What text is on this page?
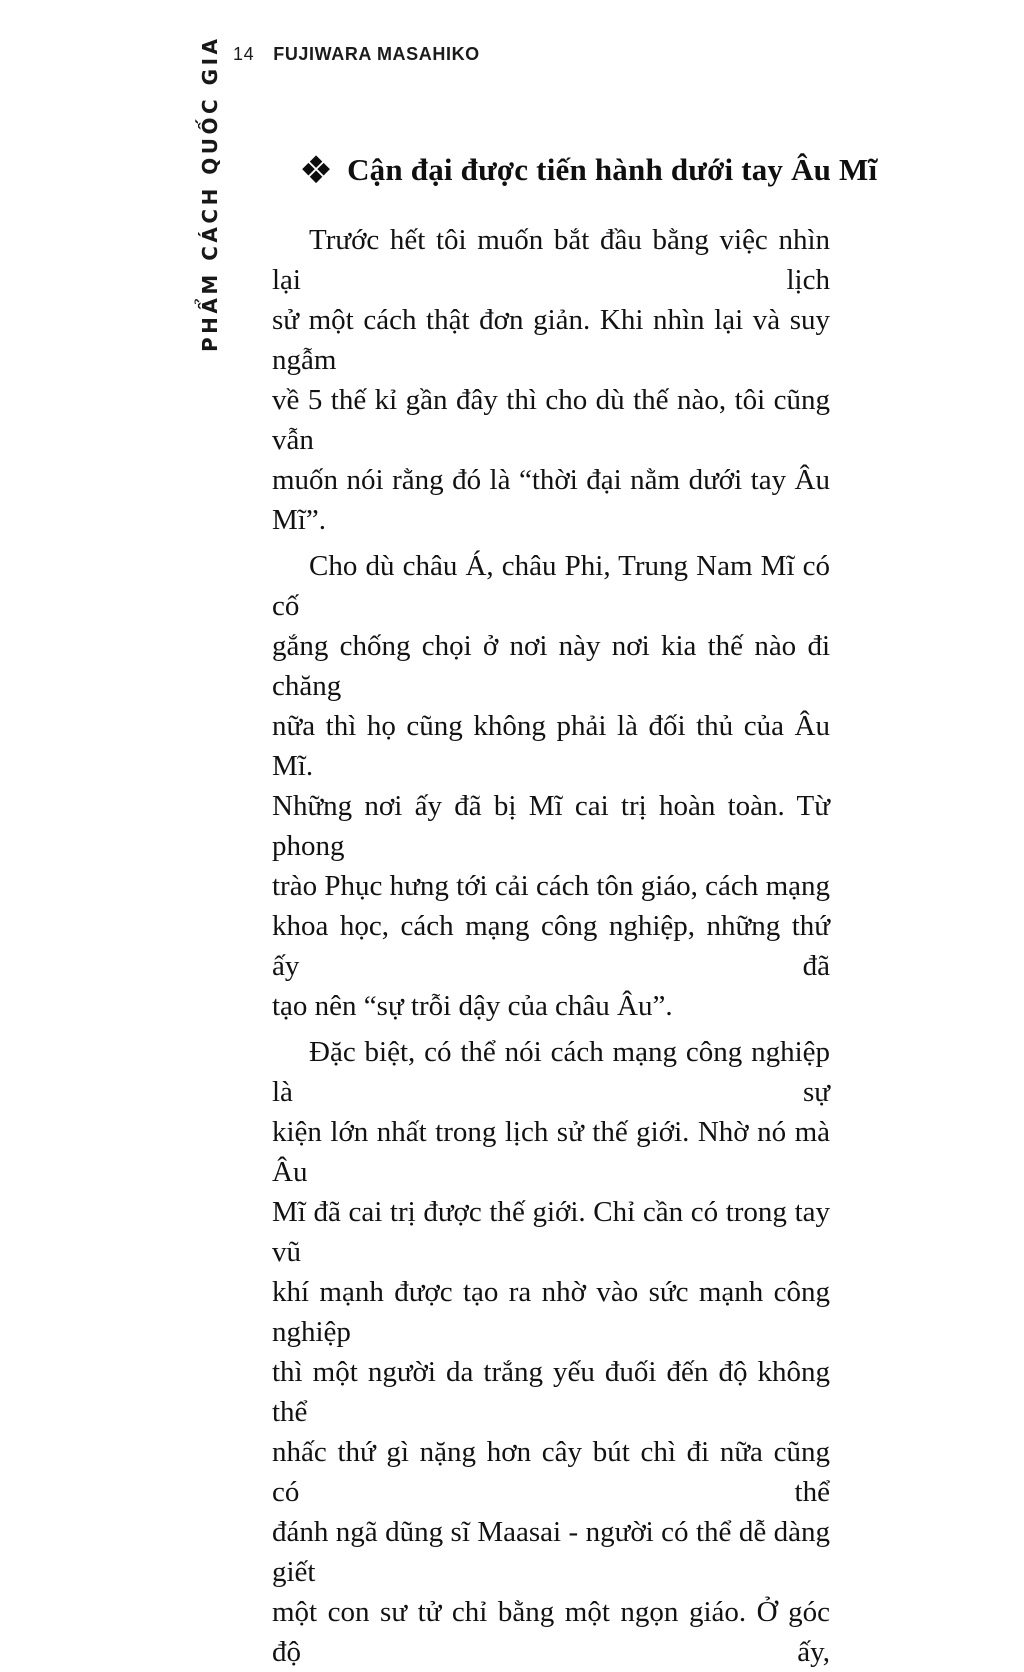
14 FUJIWARA MASAHIKO
PHẨM CÁCH QUỐC GIA ❖ Cận đại được tiến hành dưới tay Âu Mĩ
Trước hết tôi muốn bắt đầu bằng việc nhìn lại lịch
sử một cách thật đơn giản. Khi nhìn lại và suy ngẫm
về 5 thế kỉ gần đây thì cho dù thế nào, tôi cũng vẫn
muốn nói rằng đó là “thời đại nằm dưới tay Âu Mĩ”.
Cho dù châu Á, châu Phi, Trung Nam Mĩ có cố
gắng chống chọi ở nơi này nơi kia thế nào đi chăng
nữa thì họ cũng không phải là đối thủ của Âu Mĩ.
Những nơi ấy đã bị Mĩ cai trị hoàn toàn. Từ phong
trào Phục hưng tới cải cách tôn giáo, cách mạng
khoa học, cách mạng công nghiệp, những thứ ấy đã
tạo nên “sự trỗi dậy của châu Âu”.
Đặc biệt, có thể nói cách mạng công nghiệp là sự
kiện lớn nhất trong lịch sử thế giới. Nhờ nó mà Âu
Mĩ đã cai trị được thế giới. Chỉ cần có trong tay vũ
khí mạnh được tạo ra nhờ vào sức mạnh công nghiệp
thì một người da trắng yếu đuối đến độ không thể
nhấc thứ gì nặng hơn cây bút chì đi nữa cũng có thể
đánh ngã dũng sĩ Maasai - người có thể dễ dàng giết
một con sư tử chỉ bằng một ngọn giáo. Ở góc độ ấy,
